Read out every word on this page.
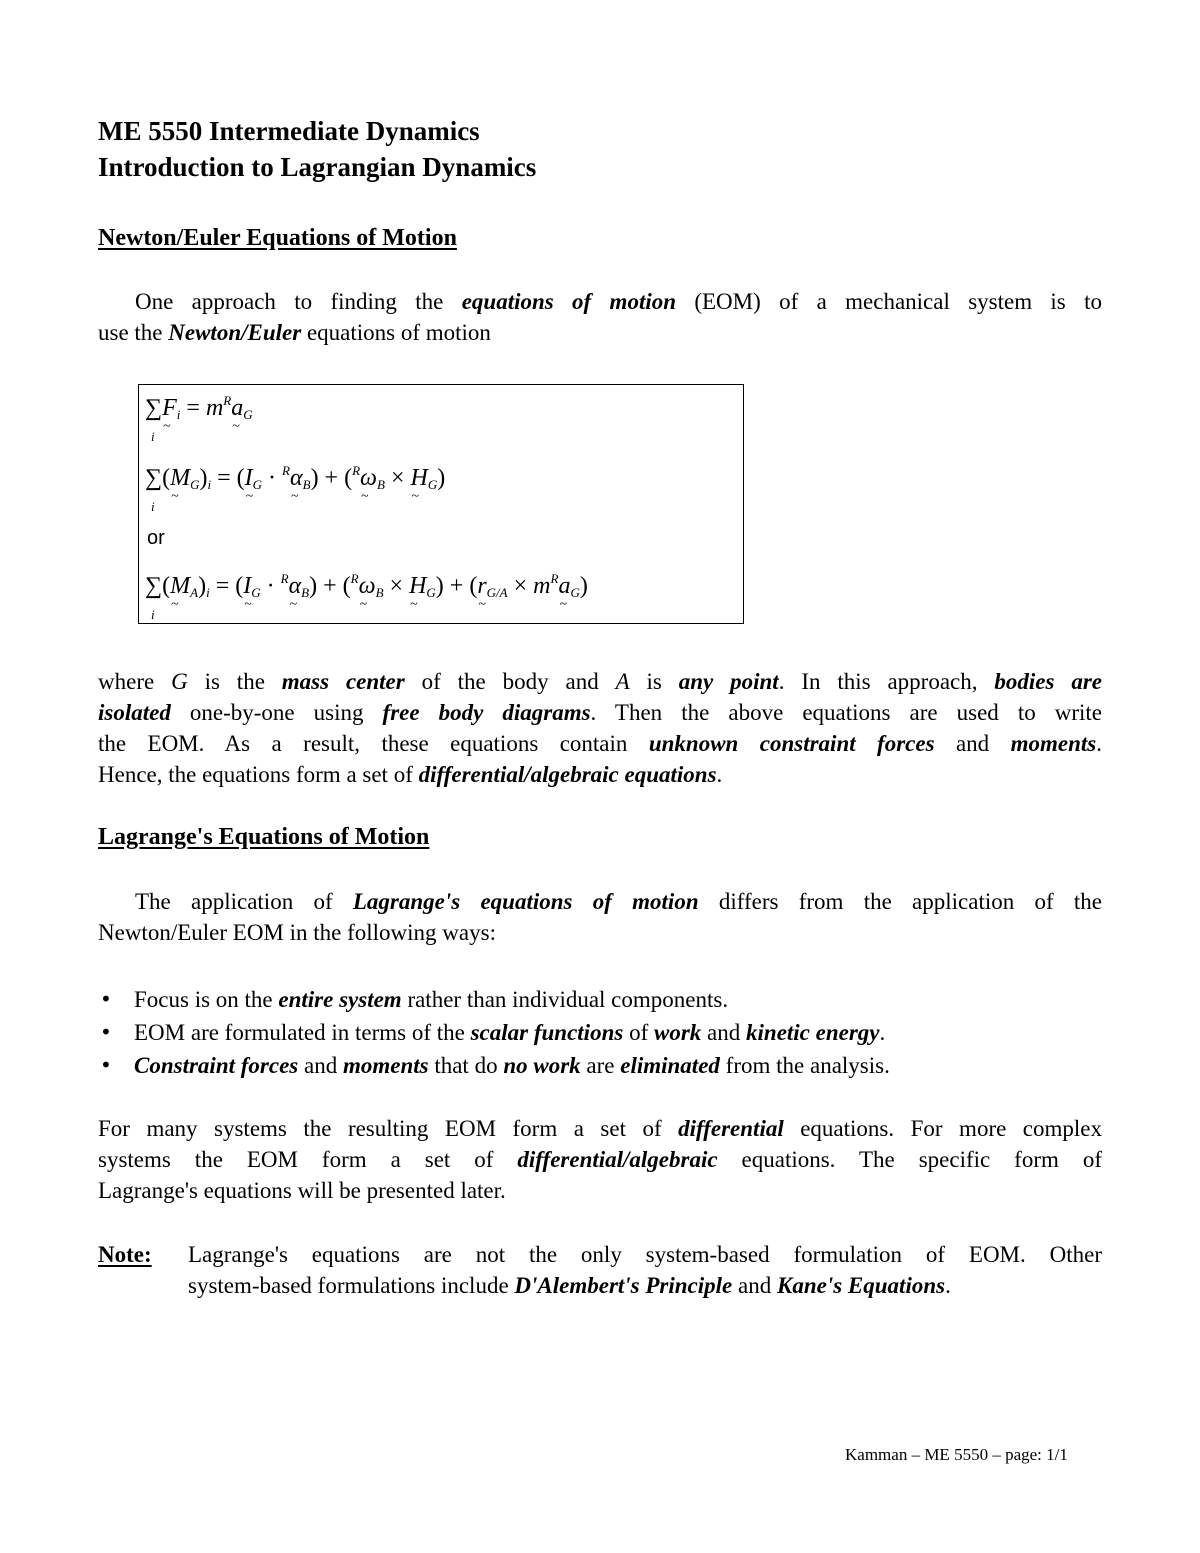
ME 5550 Intermediate Dynamics
Introduction to Lagrangian Dynamics
Newton/Euler Equations of Motion
One approach to finding the equations of motion (EOM) of a mechanical system is to
use the Newton/Euler equations of motion
∑F $\sim_i = m^Ra$ $\sim_G$
i
∑(M $\sim_G)_i = (I$ $\sim_G \cdot ^R\alpha$ $\sim_B) + (^R\omega$ $\sim_B \times H$ $\sim_G$)
i
or
∑(M $\sim_A)_i = (I$ $\sim_G \cdot ^R\alpha$ $\sim_B) + (^R\omega$ $\sim_B \times H$ $\sim_G) + (r$ $\sim_{G/A} \times m^Ra$ $\sim_G$)
i
where G is the mass center of the body and A is any point. In this approach, bodies are
isolated one-by-one using free body diagrams. Then the above equations are used to write
the EOM. As a result, these equations contain unknown constraint forces and moments.
Hence, the equations form a set of differential/algebraic equations.
Lagrange's Equations of Motion
The application of Lagrange's equations of motion differs from the application of the
Newton/Euler EOM in the following ways:
• Focus is on the entire system rather than individual components.
• EOM are formulated in terms of the scalar functions of work and kinetic energy.
• Constraint forces and moments that do no work are eliminated from the analysis.
For many systems the resulting EOM form a set of differential equations. For more complex
systems the EOM form a set of differential/algebraic equations. The specific form of
Lagrange's equations will be presented later.
Note: Lagrange's equations are not the only system-based formulation of EOM. Other
system-based formulations include D'Alembert's Principle and Kane's Equations.
Kamman – ME 5550 – page: 1/1
